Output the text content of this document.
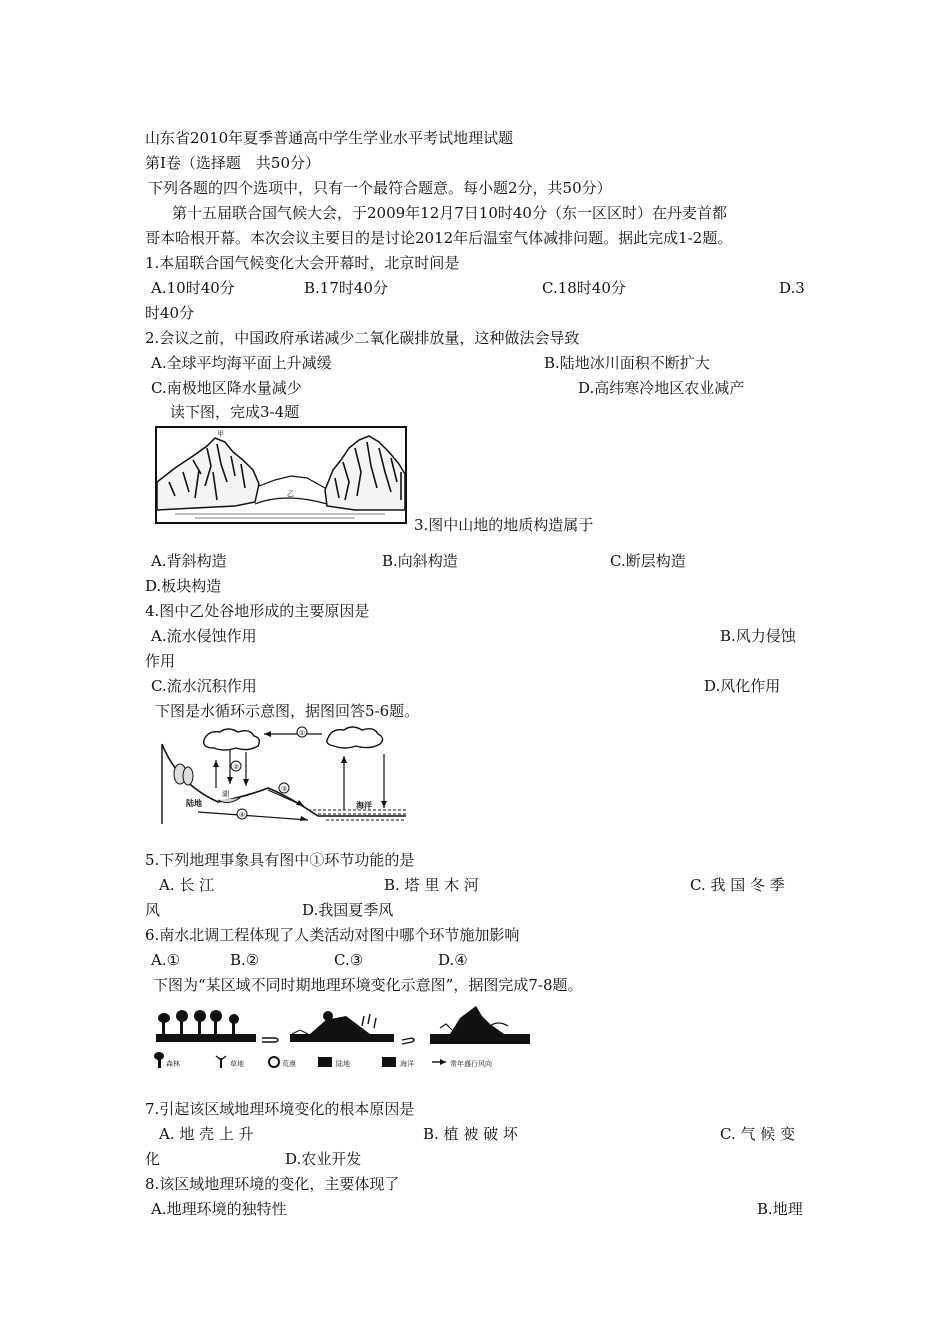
山东省2010年夏季普通高中学生学业水平考试地理试题
第Ⅰ卷（选择题　共50分）
下列各题的四个选项中，只有一个最符合题意。每小题2分，共50分）
第十五届联合国气候大会，于2009年12月7日10时40分（东一区区时）在丹麦首都
哥本哈根开幕。本次会议主要目的是讨论2012年后温室气体减排问题。据此完成1-2题。
1.本届联合国气候变化大会开幕时，北京时间是
A.10时40分	B.17时40分	C.18时40分	D.3
时40分
2.会议之前，中国政府承诺减少二氧化碳排放量，这种做法会导致
A.全球平均海平面上升减缓	B.陆地冰川面积不断扩大
C.南极地区降水量减少	D.高纬寒冷地区农业减产
读下图，完成3-4题
甲
乙
3.图中山地的地质构造属于
A.背斜构造	B.向斜构造	C.断层构造
D.板块构造
4.图中乙处谷地形成的主要原因是
A.流水侵蚀作用	B.风力侵蚀
作用
C.流水沉积作用	D.风化作用
下图是水循环示意图，据图回答5-6题。
①
②
湖
③
④
陆地	海洋
5.下列地理事象具有图中①环节功能的是
A. 长 江	B. 塔 里 木 河	C. 我 国 冬 季
风	D.我国夏季风
6.南水北调工程体现了人类活动对图中哪个环节施加影响
A.①	B.②	C.③	D.④
下图为“某区域不同时期地理环境变化示意图”，据图完成7-8题。
森林	草地	荒漠	陆地	海洋	常年盛行风向
7.引起该区域地理环境变化的根本原因是
A. 地 壳 上 升	B. 植 被 破 坏	C. 气 候 变
化	D.农业开发
8.该区域地理环境的变化，主要体现了
A.地理环境的独特性	B.地理
